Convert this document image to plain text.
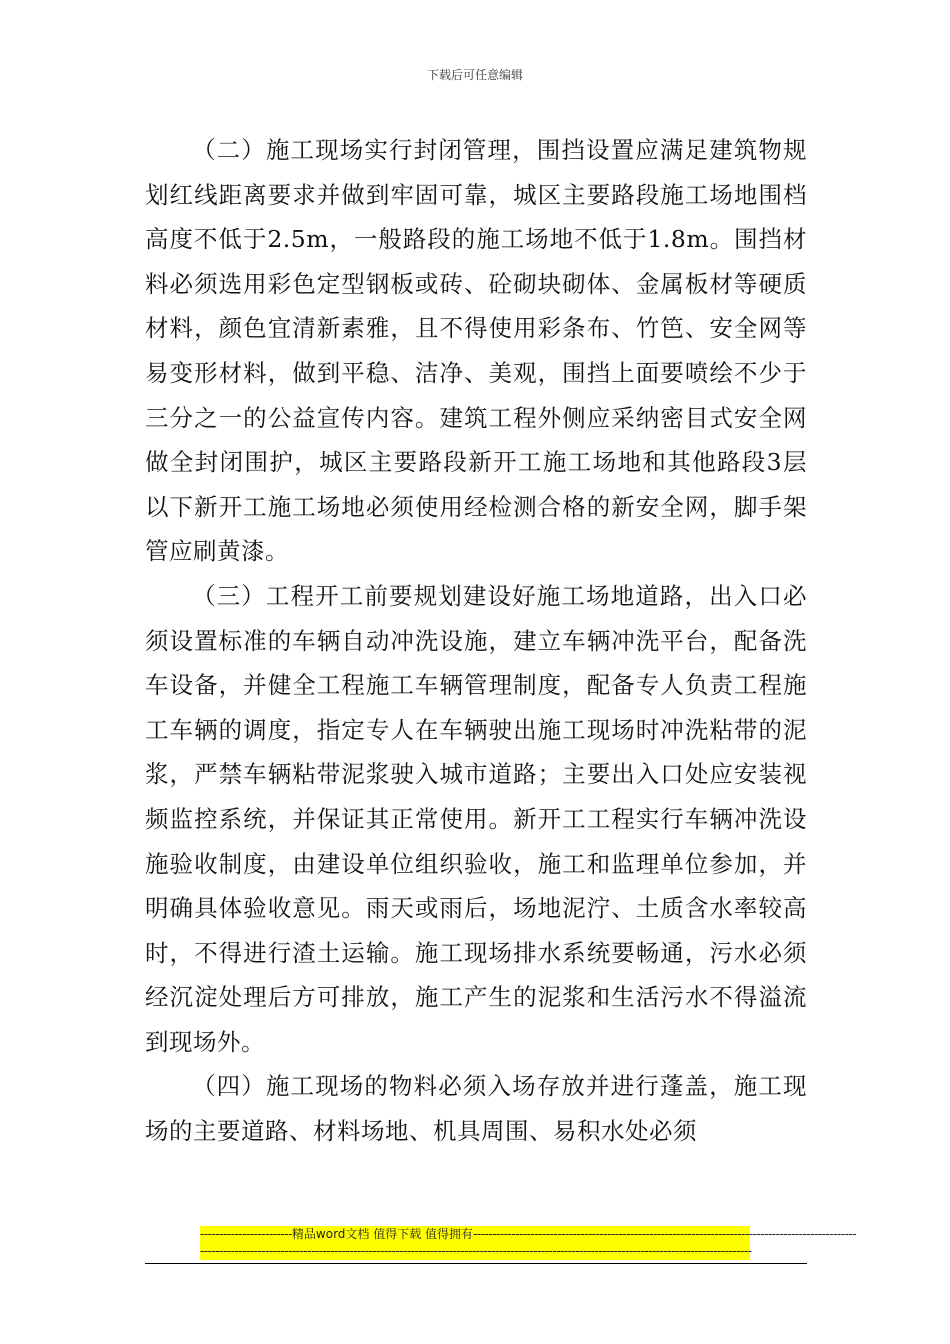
下载后可任意编辑

（二）施工现场实行封闭管理，围挡设置应满足建筑物规划红线距离要求并做到牢固可靠，城区主要路段施工场地围档高度不低于2.5m，一般路段的施工场地不低于1.8m。围挡材料必须选用彩色定型钢板或砖、砼砌块砌体、金属板材等硬质材料，颜色宜清新素雅，且不得使用彩条布、竹笆、安全网等易变形材料，做到平稳、洁净、美观，围挡上面要喷绘不少于三分之一的公益宣传内容。建筑工程外侧应采纳密目式安全网做全封闭围护，城区主要路段新开工施工场地和其他路段3层以下新开工施工场地必须使用经检测合格的新安全网，脚手架管应刷黄漆。

（三）工程开工前要规划建设好施工场地道路，出入口必须设置标准的车辆自动冲洗设施，建立车辆冲洗平台，配备洗车设备，并健全工程施工车辆管理制度，配备专人负责工程施工车辆的调度，指定专人在车辆驶出施工现场时冲洗粘带的泥浆，严禁车辆粘带泥浆驶入城市道路；主要出入口处应安装视频监控系统，并保证其正常使用。新开工工程实行车辆冲洗设施验收制度，由建设单位组织验收，施工和监理单位参加，并明确具体验收意见。雨天或雨后，场地泥泞、土质含水率较高时，不得进行渣土运输。施工现场排水系统要畅通，污水必须经沉淀处理后方可排放，施工产生的泥浆和生活污水不得溢流到现场外。

（四）施工现场的物料必须入场存放并进行蓬盖，施工现场的主要道路、材料场地、机具周围、易积水处必须

------------------------ 精品word文档 值得下载 值得拥有 ----------------------------------------------------------------------------------------------------
------------------------------------------------------------------------------------------------------------------------------------------------
